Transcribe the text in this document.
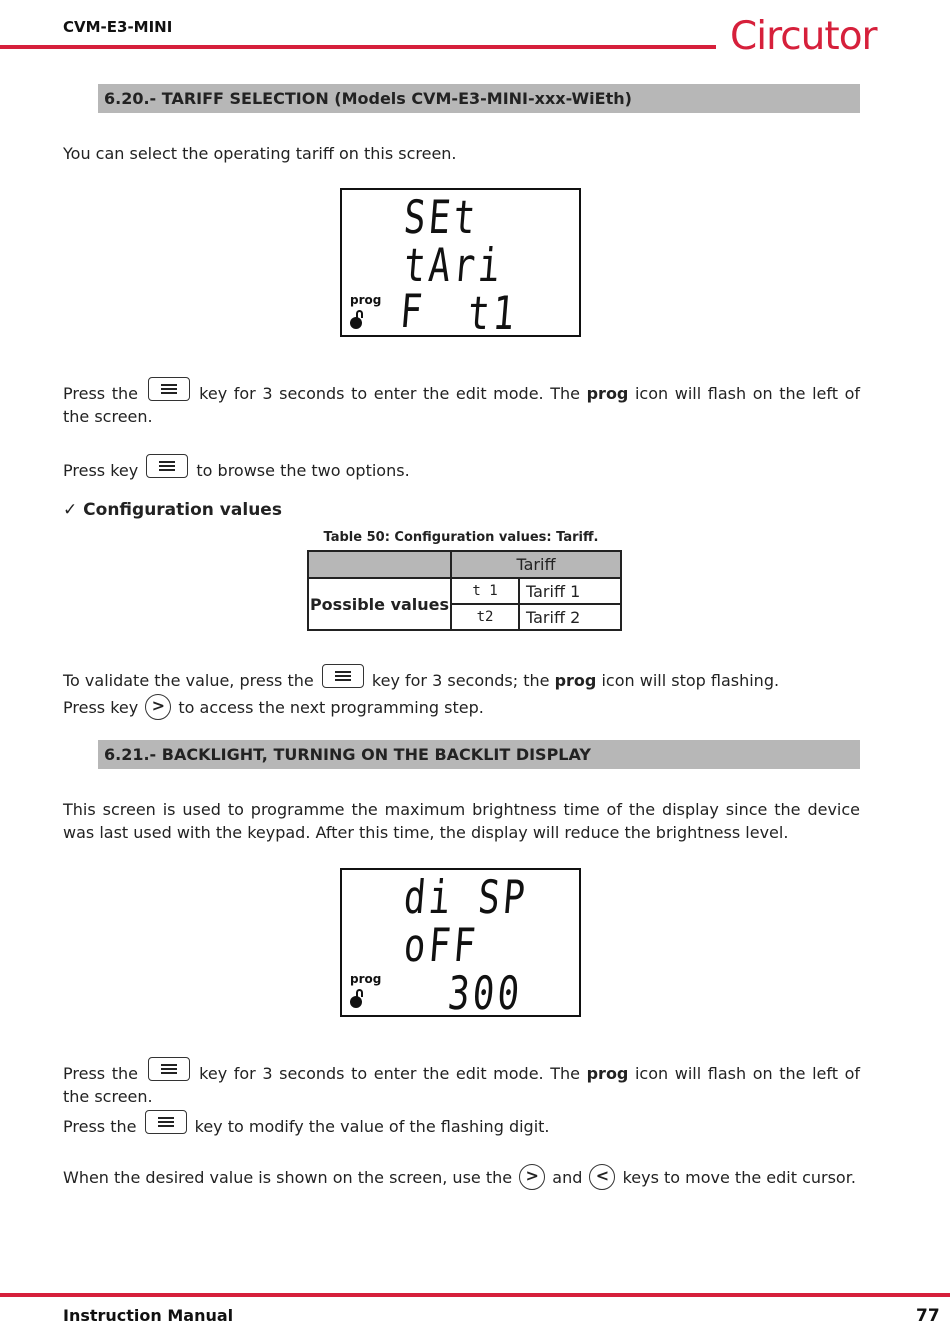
CVM-E3-MINI	Circutor
6.20.- TARIFF SELECTION (Models CVM-E3-MINI-xxx-WiEth)
You can select the operating tariff on this screen.
SEt
tAri F t1
prog
Press the	key for 3 seconds to enter the edit mode. The prog icon will flash on the left of the screen.
Press key	to browse the two options.
✓ Configuration values
Table 50: Configuration values: Tariff.
	Tariff	
Possible values	t 1	Tariff 1
	t2	Tariff 2
To validate the value, press the	key for 3 seconds; the prog icon will stop flashing.
Press key > to access the next programming step.
6.21.- BACKLIGHT, TURNING ON THE BACKLIT DISPLAY
This screen is used to programme the maximum brightness time of the display since the device was last used with the keypad. After this time, the display will reduce the brightness level.
di SP
oFF
300
prog
Press the	key for 3 seconds to enter the edit mode. The prog icon will flash on the left of the screen.
Press the	key to modify the value of the flashing digit.
When the desired value is shown on the screen, use the > and < keys to move the edit cursor.
Instruction Manual	77
